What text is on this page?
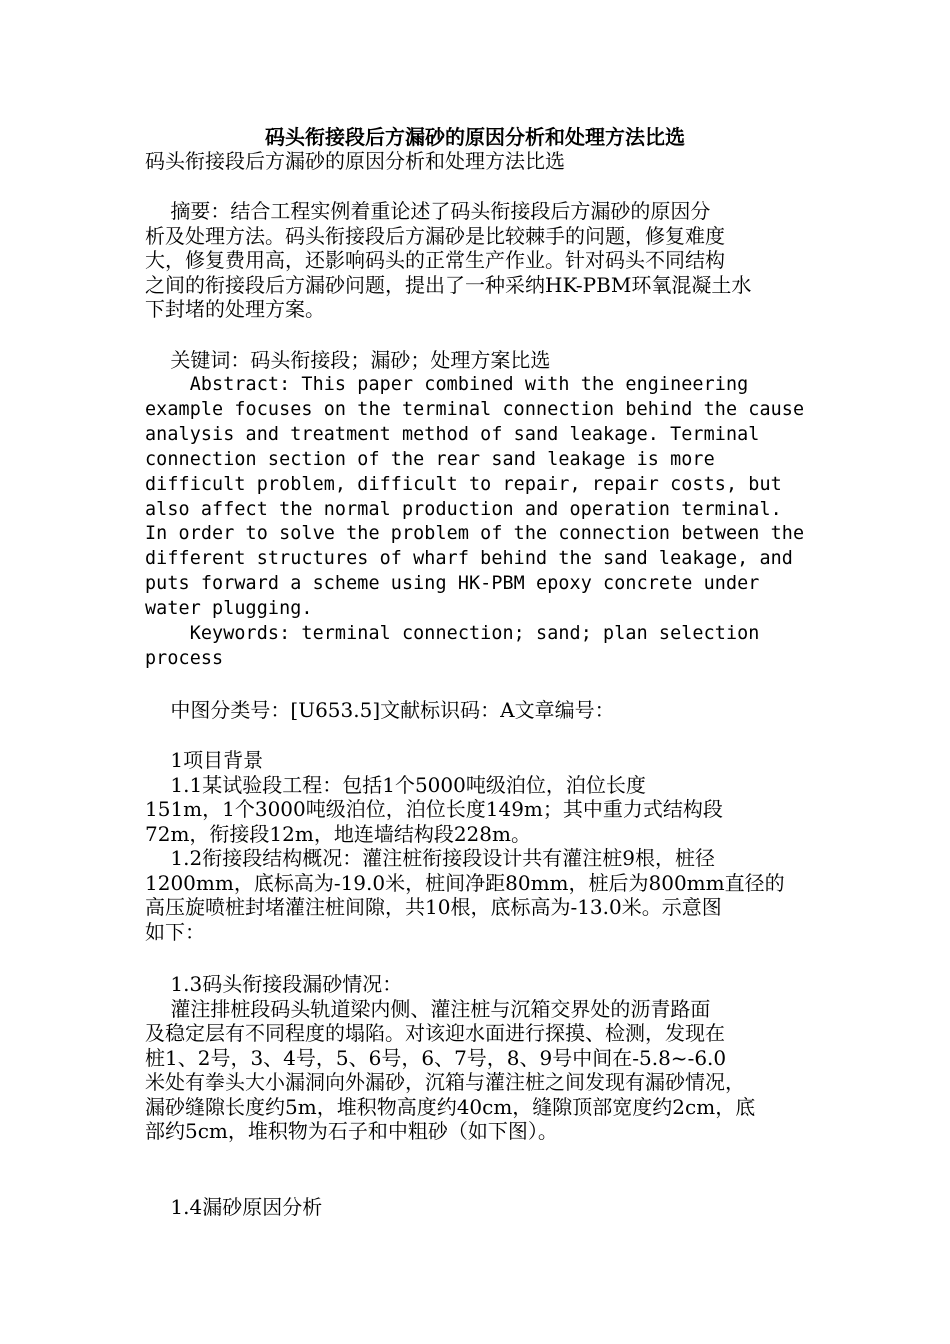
码头衔接段后方漏砂的原因分析和处理方法比选
码头衔接段后方漏砂的原因分析和处理方法比选
摘要：结合工程实例着重论述了码头衔接段后方漏砂的原因分
析及处理方法。码头衔接段后方漏砂是比较棘手的问题，修复难度
大，修复费用高，还影响码头的正常生产作业。针对码头不同结构
之间的衔接段后方漏砂问题，提出了一种采纳HK-PBM环氧混凝土水
下封堵的处理方案。
关键词：码头衔接段；漏砂；处理方案比选
Abstract: This paper combined with the engineering
example focuses on the terminal connection behind the cause
analysis and treatment method of sand leakage. Terminal
connection section of the rear sand leakage is more
difficult problem, difficult to repair, repair costs, but
also affect the normal production and operation terminal.
In order to solve the problem of the connection between the
different structures of wharf behind the sand leakage, and
puts forward a scheme using HK-PBM epoxy concrete under
water plugging.
Keywords: terminal connection; sand; plan selection
process
中图分类号：[U653.5]文献标识码：A文章编号：
1项目背景
1.1某试验段工程：包括1个5000吨级泊位，泊位长度
151m，1个3000吨级泊位，泊位长度149m；其中重力式结构段
72m，衔接段12m，地连墙结构段228m。
1.2衔接段结构概况：灌注桩衔接段设计共有灌注桩9根，桩径
1200mm，底标高为-19.0米，桩间净距80mm，桩后为800mm直径的
高压旋喷桩封堵灌注桩间隙，共10根，底标高为-13.0米。示意图
如下：
1.3码头衔接段漏砂情况：
灌注排桩段码头轨道梁内侧、灌注桩与沉箱交界处的沥青路面
及稳定层有不同程度的塌陷。对该迎水面进行探摸、检测，发现在
桩1、2号，3、4号，5、6号，6、7号，8、9号中间在-5.8~-6.0
米处有拳头大小漏洞向外漏砂，沉箱与灌注桩之间发现有漏砂情况，
漏砂缝隙长度约5m，堆积物高度约40cm，缝隙顶部宽度约2cm，底
部约5cm，堆积物为石子和中粗砂（如下图）。
1.4漏砂原因分析
